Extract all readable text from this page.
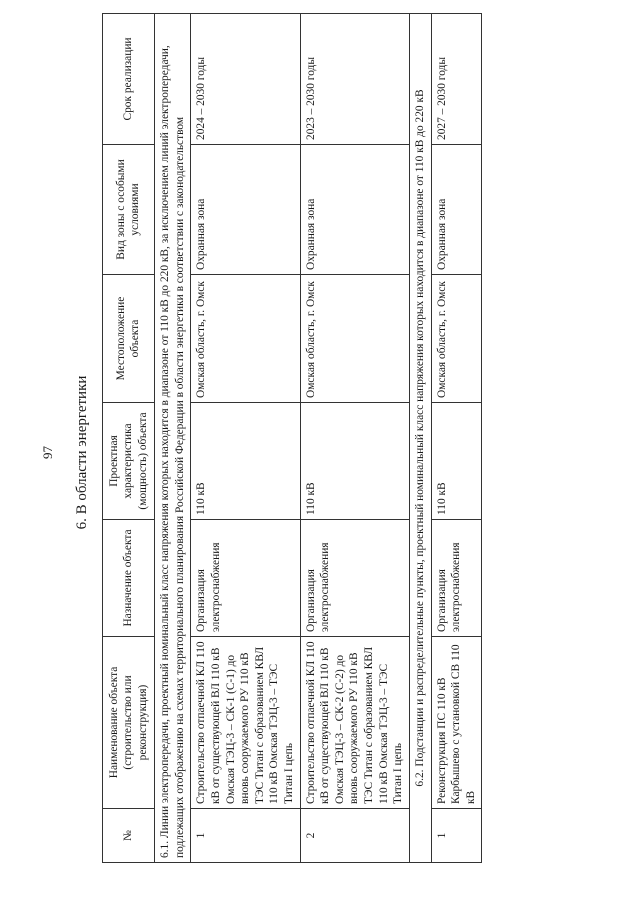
97 6. В области энергетики
№	Наименование объекта (строительство или реконструкция)	Назначение объекта	Проектная характеристика (мощность) объекта	Местоположение объекта	Вид зоны с особыми условиями	Срок реализации
6.1. Линии электропередачи, проектный номинальный класс напряжения которых находится в диапазоне от 110 кВ до 220 кВ, за исключением линий электропередачи, подлежащих отображению на схемах территориального планирования Российской Федерации в области энергетики в соответствии с законодательством						
1	Строительство отпаечной КЛ 110 кВ от существующей ВЛ 110 кВ Омская ТЭЦ-3 – СК-1 (С-1) до вновь сооружаемого РУ 110 кВ ТЭС Титан с образованием КВЛ 110 кВ Омская ТЭЦ-3 – ТЭС Титан I цепь	Организация электроснабжения	110 кВ	Омская область, г. Омск	Охранная зона	2024 – 2030 годы
2	Строительство отпаечной КЛ 110 кВ от существующей ВЛ 110 кВ Омская ТЭЦ-3 – СК-2 (С-2) до вновь сооружаемого РУ 110 кВ ТЭС Титан с образованием КВЛ 110 кВ Омская ТЭЦ-3 – ТЭС Титан I цепь	Организация электроснабжения	110 кВ	Омская область, г. Омск	Охранная зона	2023 – 2030 годы
6.2. Подстанции и распределительные пункты, проектный номинальный класс напряжения которых находится в диапазоне от 110 кВ до 220 кВ						
1	Реконструкция ПС 110 кВ Карбышево с установкой СВ 110 кВ	Организация электроснабжения	110 кВ	Омская область, г. Омск	Охранная зона	2027 – 2030 годы
